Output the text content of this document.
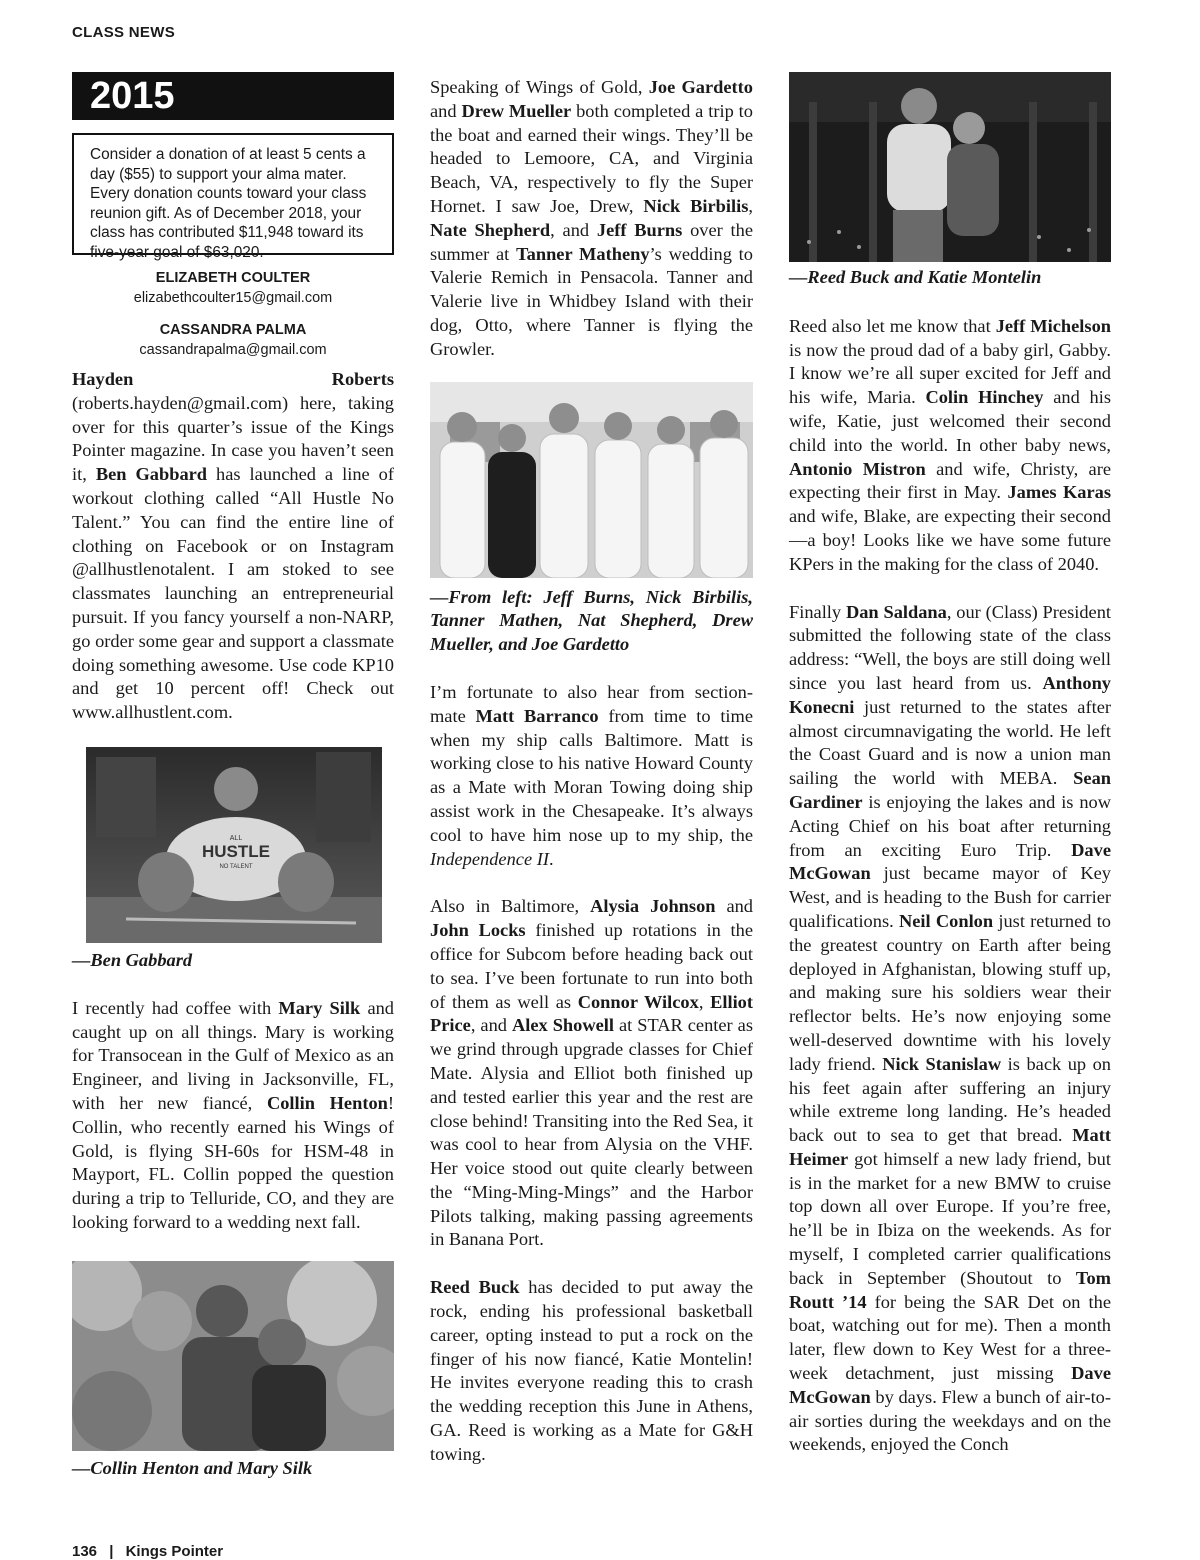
CLASS NEWS
2015
Consider a donation of at least 5 cents a day ($55) to support your alma mater. Every donation counts toward your class reunion gift. As of December 2018, your class has contributed $11,948 toward its five-year goal of $63,020.
ELIZABETH COULTER
elizabethcoulter15@gmail.com
CASSANDRA PALMA
cassandrapalma@gmail.com

Hayden Roberts (roberts.hayden@gmail.com) here, taking over for this quarter’s issue of the Kings Pointer magazine. In case you haven’t seen it, Ben Gabbard has launched a line of workout clothing called “All Hustle No Talent.” You can find the entire line of clothing on Facebook or on Instagram @allhustlenotalent. I am stoked to see classmates launching an entrepreneurial pursuit. If you fancy yourself a non-NARP, go order some gear and support a classmate doing something awesome. Use code KP10 and get 10 percent off! Check out www.allhustlent.com.

ALL
HUSTLE
NO TALENT

—Ben Gabbard

I recently had coffee with Mary Silk and caught up on all things. Mary is working for Transocean in the Gulf of Mexico as an Engineer, and living in Jacksonville, FL, with her new fiancé, Collin Henton! Collin, who recently earned his Wings of Gold, is flying SH-60s for HSM-48 in Mayport, FL. Collin popped the question during a trip to Telluride, CO, and they are looking forward to a wedding next fall.

—Collin Henton and Mary Silk

Speaking of Wings of Gold, Joe Gardetto and Drew Mueller both completed a trip to the boat and earned their wings. They’ll be headed to Lemoore, CA, and Virginia Beach, VA, respectively to fly the Super Hornet. I saw Joe, Drew, Nick Birbilis, Nate Shepherd, and Jeff Burns over the summer at Tanner Matheny’s wedding to Valerie Remich in Pensacola. Tanner and Valerie live in Whidbey Island with their dog, Otto, where Tanner is flying the Growler.

—From left: Jeff Burns, Nick Birbilis, Tanner Mathen, Nat Shepherd, Drew Mueller, and Joe Gardetto

I’m fortunate to also hear from section-mate Matt Barranco from time to time when my ship calls Baltimore. Matt is working close to his native Howard County as a Mate with Moran Towing doing ship assist work in the Chesapeake. It’s always cool to have him nose up to my ship, the Independence II.

Also in Baltimore, Alysia Johnson and John Locks finished up rotations in the office for Subcom before heading back out to sea. I’ve been fortunate to run into both of them as well as Connor Wilcox, Elliot Price, and Alex Showell at STAR center as we grind through upgrade classes for Chief Mate. Alysia and Elliot both finished up and tested earlier this year and the rest are close behind! Transiting into the Red Sea, it was cool to hear from Alysia on the VHF. Her voice stood out quite clearly between the “Ming-Ming-Mings” and the Harbor Pilots talking, making passing agreements in Banana Port.

Reed Buck has decided to put away the rock, ending his professional basketball career, opting instead to put a rock on the finger of his now fiancé, Katie Montelin! He invites everyone reading this to crash the wedding reception this June in Athens, GA. Reed is working as a Mate for G&H towing.

—Reed Buck and Katie Montelin

Reed also let me know that Jeff Michelson is now the proud dad of a baby girl, Gabby. I know we’re all super excited for Jeff and his wife, Maria. Colin Hinchey and his wife, Katie, just welcomed their second child into the world. In other baby news, Antonio Mistron and wife, Christy, are expecting their first in May. James Karas and wife, Blake, are expecting their second—a boy! Looks like we have some future KPers in the making for the class of 2040.

Finally Dan Saldana, our (Class) President submitted the following state of the class address: “Well, the boys are still doing well since you last heard from us. Anthony Konecni just returned to the states after almost circumnavigating the world. He left the Coast Guard and is now a union man sailing the world with MEBA. Sean Gardiner is enjoying the lakes and is now Acting Chief on his boat after returning from an exciting Euro Trip. Dave McGowan just became mayor of Key West, and is heading to the Bush for carrier qualifications. Neil Conlon just returned to the greatest country on Earth after being deployed in Afghanistan, blowing stuff up, and making sure his soldiers wear their reflector belts. He’s now enjoying some well-deserved downtime with his lovely lady friend. Nick Stanislaw is back up on his feet again after suffering an injury while extreme long landing. He’s headed back out to sea to get that bread. Matt Heimer got himself a new lady friend, but is in the market for a new BMW to cruise top down all over Europe. If you’re free, he’ll be in Ibiza on the weekends. As for myself, I completed carrier qualifications back in September (Shoutout to Tom Routt ’14 for being the SAR Det on the boat, watching out for me). Then a month later, flew down to Key West for a three-week detachment, just missing Dave McGowan by days. Flew a bunch of air-to-air sorties during the weekdays and on the weekends, enjoyed the Conch

136 | Kings Pointer
